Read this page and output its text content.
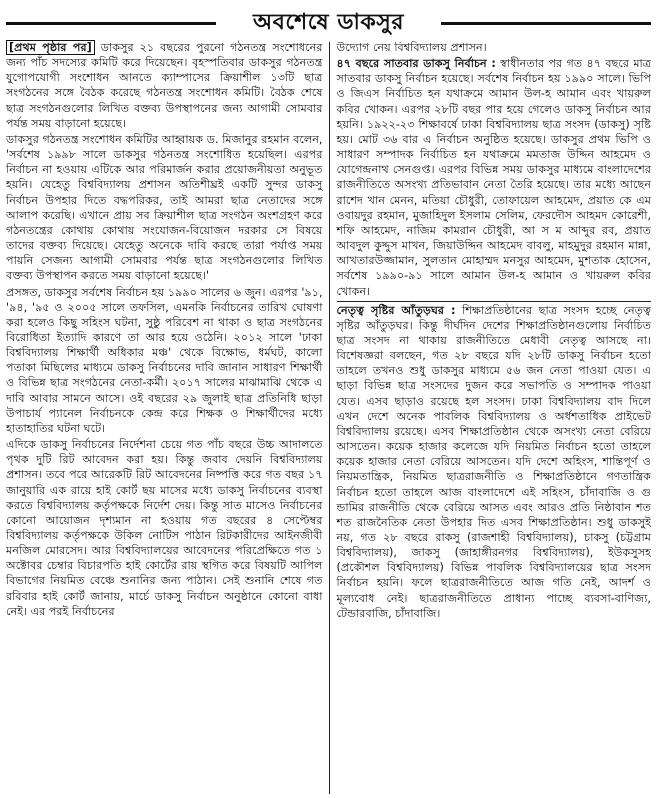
অবশেষে ডাকসুর

[প্রথম পৃষ্ঠার পর] ডাকসুর ২১ বছরের পুরনো গঠনতন্ত্র সংশোধনের জন্য পাঁচ সদস্যের কমিটি করে দিয়েছেন। বৃহস্পতিবার ডাকসুর গঠনতন্ত্র যুগোপযোগী সংশোধন আনতে ক্যাম্পাসের ক্রিয়াশীল ১৩টি ছাত্র সংগঠনের সঙ্গে বৈঠক করেছে গঠনতন্ত্র সংশোধন কমিটি। বৈঠক শেষে ছাত্র সংগঠনগুলোর লিখিত বক্তব্য উপস্থাপনের জন্য আগামী সোমবার পর্যন্ত সময় বাড়ানো হয়েছে।

ডাকসুর গঠনতন্ত্র সংশোধন কমিটির আহ্বায়ক ড. মিজানুর রহমান বলেন, 'সর্বশেষ ১৯৯৮ সালে ডাকসুর গঠনতন্ত্র সংশোধিত হয়েছিল। এরপর নির্বাচন না হওয়ায় এটিকে আর পরিমার্জন করার প্রয়োজনীয়তা অনুভূত হয়নি। যেহেতু বিশ্ববিদ্যালয় প্রশাসন অতিশীঘ্রই একটি সুন্দর ডাকসু নির্বাচন উপহার দিতে বদ্ধপরিকর, তাই আমরা ছাত্র নেতাদের সঙ্গে আলাপ করেছি। এখানে প্রায় সব ক্রিয়াশীল ছাত্র সংগঠন অংশগ্রহণ করে গঠনতন্ত্রের কোথায় কোথায় সংযোজন-বিয়োজন দরকার সে বিষয়ে তাদের বক্তব্য দিয়েছে। যেহেতু অনেকে দাবি করছে তারা পর্যাপ্ত সময় পায়নি সেজন্য আগামী সোমবার পর্যন্ত ছাত্র সংগঠনগুলোর লিখিত বক্তব্য উপস্থাপন করতে সময় বাড়ানো হয়েছে।'

প্রসঙ্গত, ডাকসুর সর্বশেষ নির্বাচন হয় ১৯৯০ সালের ৬ জুন। এরপর '৯১, '৯৪, '৯৫ ও ২০০৫ সালে তফসিল, এমনকি নির্বাচনের তারিখ ঘোষণা করা হলেও কিছু সহিংস ঘটনা, সুষ্ঠু পরিবেশ না থাকা ও ছাত্র সংগঠনের বিরোধিতা ইত্যাদি কারণে তা আর হয়ে ওঠেনি। ২০১২ সালে 'ঢাকা বিশ্ববিদ্যালয় শিক্ষার্থী অধিকার মঞ্চ' থেকে বিক্ষোভ, ধর্মঘট, কালো পতাকা মিছিলের মাধ্যমে ডাকসু নির্বাচনের দাবি জানান সাধারণ শিক্ষার্থী ও বিভিন্ন ছাত্র সংগঠনের নেতা-কর্মী। ২০১৭ সালের মাঝামাঝি থেকে এ দাবি আবার সামনে আসে। ওই বছরের ২৯ জুলাই ছাত্র প্রতিনিধি ছাড়া উপাচার্য প্যানেল নির্বাচনকে কেন্দ্র করে শিক্ষক ও শিক্ষার্থীদের মধ্যে হাতাহাতির ঘটনা ঘটে।

এদিকে ডাকসু নির্বাচনের নির্দেশনা চেয়ে গত পাঁচ বছরে উচ্চ আদালতে পৃথক দুটি রিট আবেদন করা হয়। কিন্তু জবাব দেয়নি বিশ্ববিদ্যালয় প্রশাসন। তবে পরে আরেকটি রিট আবেদনের নিষ্পত্তি করে গত বছর ১৭ জানুয়ারি এক রায়ে হাই কোর্ট ছয় মাসের মধ্যে ডাকসু নির্বাচনের ব্যবস্থা করতে বিশ্ববিদ্যালয় কর্তৃপক্ষকে নির্দেশ দেয়। কিন্তু সাত মাসেও নির্বাচনের কোনো আয়োজন দৃশ্যমান না হওয়ায় গত বছরের ৪ সেপ্টেম্বর বিশ্ববিদ্যালয় কর্তৃপক্ষকে উকিল নোটিস পাঠান রিটকারীদের আইনজীবী মনজিল মোরসেদ। আর বিশ্ববিদ্যালয়ের আবেদনের পরিপ্রেক্ষিতে গত ১ অক্টোবর চেম্বার বিচারপতি হাই কোর্টের রায় স্থগিত করে বিষয়টি আপিল বিভাগের নিয়মিত বেঞ্চে শুনানির জন্য পাঠান। সেই শুনানি শেষে গত রবিবার হাই কোর্ট জানায়, মার্চে ডাকসু নির্বাচন অনুষ্ঠানে কোনো বাধা নেই। এর পরই নির্বাচনের

উদ্যোগ নেয় বিশ্ববিদ্যালয় প্রশাসন।

৪৭ বছরে সাতবার ডাকসু নির্বাচন : স্বাধীনতার পর গত ৪৭ বছরে মাত্র সাতবার ডাকসু নির্বাচন হয়েছে। সর্বশেষ নির্বাচন হয় ১৯৯০ সালে। ভিপি ও জিএস নির্বাচিত হন যথাক্রমে আমান উল-হ আমান এবং খায়রুল কবির খোকন। এরপর ২৮টি বছর পার হয়ে গেলেও ডাকসু নির্বাচন আর হয়নি। ১৯২২-২৩ শিক্ষাবর্ষে ঢাকা বিশ্ববিদ্যালয় ছাত্র সংসদ (ডাকসু) সৃষ্টি হয়। মোট ৩৬ বার এ নির্বাচন অনুষ্ঠিত হয়েছে। ডাকসুর প্রথম ভিপি ও সাধারণ সম্পাদক নির্বাচিত হন যথাক্রমে মমতাজ উদ্দিন আহমেদ ও যোগেন্দ্রনাথ সেনগুপ্ত। এরপর বিভিন্ন সময় ডাকসুর মাধ্যমে বাংলাদেশের রাজনীতিতে অসংখ্য প্রতিভাবান নেতা তৈরি হয়েছে। তার মধ্যে আছেন রাশেদ খান মেনন, মতিয়া চৌধুরী, তোফায়েল আহমেদ, প্রয়াত কে এম ওবায়দুর রহমান, মুজাহিদুল ইসলাম সেলিম, ফেরদৌস আহমদ কোরেশী, শফি আহমেদ, নাজিম কামরান চৌধুরী, আ স ম আব্দুর রব, প্রয়াত আবদুল কুদ্দুস মাখন, জিয়াউদ্দিন আহমেদ বাবলু, মাহমুদুর রহমান মান্না, আখতারউজ্জামান, সুলতান মোহাম্মদ মনসুর আহমেদ, মুশতাক হোসেন, সর্বশেষ ১৯৯০-৯১ সালে আমান উল-হ আমান ও খায়রুল কবির খোকন।

নেতৃত্ব সৃষ্টির আঁতুড়ঘর : শিক্ষাপ্রতিষ্ঠানের ছাত্র সংসদ হচ্ছে নেতৃত্ব সৃষ্টির আঁতুড়ঘর। কিন্তু দীর্ঘদিন দেশের শিক্ষাপ্রতিষ্ঠানগুলোয় নির্বাচিত ছাত্র সংসদ না থাকায় রাজনীতিতে মেধাবী নেতৃত্ব আসছে না। বিশেষজ্ঞরা বলছেন, গত ২৮ বছরে যদি ২৮টি ডাকসু নির্বাচন হতো তাহলে তখনও শুধু ডাকসুর মাধ্যমে ৫৬ জন নেতা পাওয়া যেত। এ ছাড়া বিভিন্ন ছাত্র সংসদের দুজন করে সভাপতি ও সম্পাদক পাওয়া যেত। এসব ছাড়াও রয়েছে হল সংসদ। ঢাকা বিশ্ববিদ্যালয় বাদ দিলে এখন দেশে অনেক পাবলিক বিশ্ববিদ্যালয় ও অর্ধশতাধিক প্রাইভেট বিশ্ববিদ্যালয় রয়েছে। এসব শিক্ষাপ্রতিষ্ঠান থেকে অসংখ্য নেতা বেরিয়ে আসতেন। কয়েক হাজার কলেজে যদি নিয়মিত নির্বাচন হতো তাহলে কয়েক হাজার নেতা বেরিয়ে আসতেন। যদি দেশে অহিংস, শান্তিপূর্ণ ও নিয়মতান্ত্রিক, নিয়মিত ছাত্ররাজনীতি ও শিক্ষাপ্রতিষ্ঠানে গণতান্ত্রিক নির্বাচন হতো তাহলে আজ বাংলাদেশে এই সহিংস, চাঁদাবাজি ও গু ন্ডামির রাজনীতি থেকে বেরিয়ে আসত এবং আরও প্রতি নিষ্ঠাবান শত শত রাজনৈতিক নেতা উপহার দিত এসব শিক্ষাপ্রতিষ্ঠান। শুধু ডাকসুই নয়, গত ২৮ বছরে রাকসু (রাজশাহী বিশ্ববিদ্যালয়), চাকসু (চট্টগ্রাম বিশ্ববিদ্যালয়), জাকসু (জাহাঙ্গীরনগর বিশ্ববিদ্যালয়), ইউকসুসহ (প্রকৌশল বিশ্ববিদ্যালয়) বিভিন্ন পাবলিক বিশ্ববিদ্যালয়ের ছাত্র সংসদ নির্বাচন হয়নি। ফলে ছাত্ররাজনীতিতে আজ গতি নেই, আদর্শ ও মূল্যবোধ নেই। ছাত্ররাজনীতিতে প্রাধান্য পাচ্ছে ব্যবসা-বাণিজ্য, টেন্ডারবাজি, চাঁদাবাজি।
